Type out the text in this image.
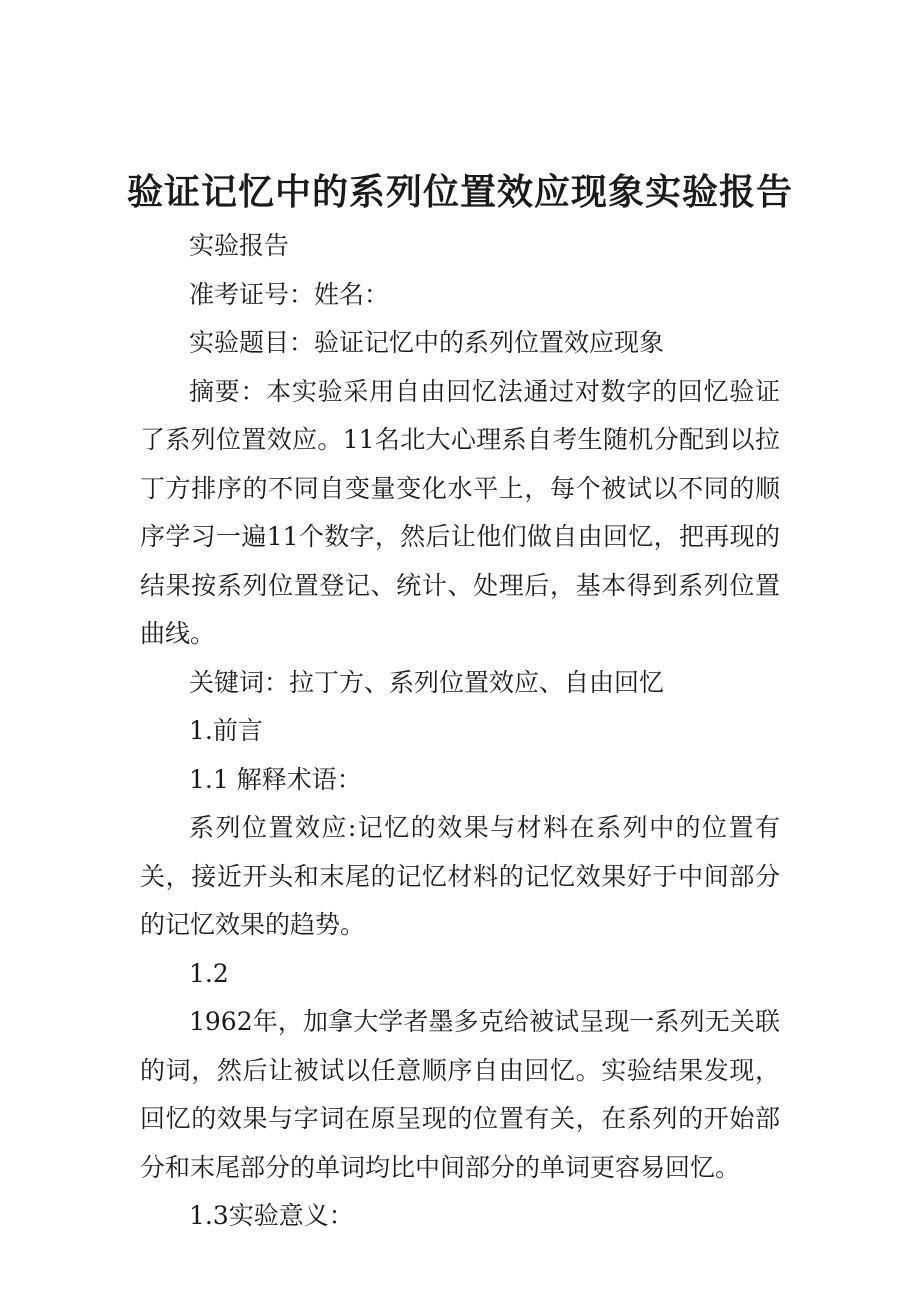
验证记忆中的系列位置效应现象实验报告

实验报告

准考证号：姓名：

实验题目：验证记忆中的系列位置效应现象

摘要：本实验采用自由回忆法通过对数字的回忆验证了系列位置效应。11名北大心理系自考生随机分配到以拉丁方排序的不同自变量变化水平上，每个被试以不同的顺序学习一遍11个数字，然后让他们做自由回忆，把再现的结果按系列位置登记、统计、处理后，基本得到系列位置曲线。

关键词：拉丁方、系列位置效应、自由回忆

1.前言

1.1 解释术语：

系列位置效应:记忆的效果与材料在系列中的位置有关，接近开头和末尾的记忆材料的记忆效果好于中间部分的记忆效果的趋势。

1.2

1962年，加拿大学者墨多克给被试呈现一系列无关联的词，然后让被试以任意顺序自由回忆。实验结果发现，回忆的效果与字词在原呈现的位置有关，在系列的开始部分和末尾部分的单词均比中间部分的单词更容易回忆。

1.3实验意义：
